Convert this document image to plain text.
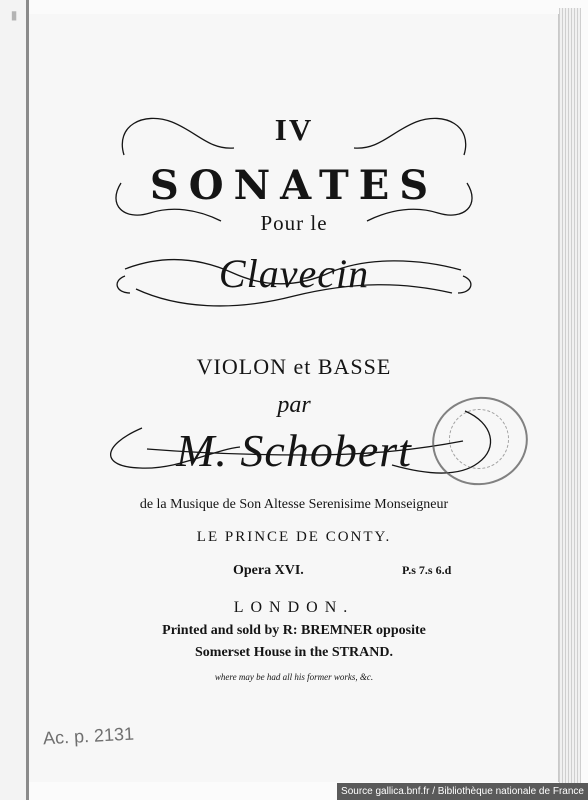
▮
IV
SONATES
Pour le
Clavecin
VIOLON et BASSE
par
M. Schobert
de la Musique de Son Altesse Serenisime Monseigneur
LE PRINCE DE CONTY.
Opera XVI.	P.s 7.s 6.d
LONDON.
Printed and sold by R: BREMNER opposite
Somerset House in the STRAND.
where may be had all his former works, &c.
Ac. p. 2131
Source gallica.bnf.fr / Bibliothèque nationale de France
